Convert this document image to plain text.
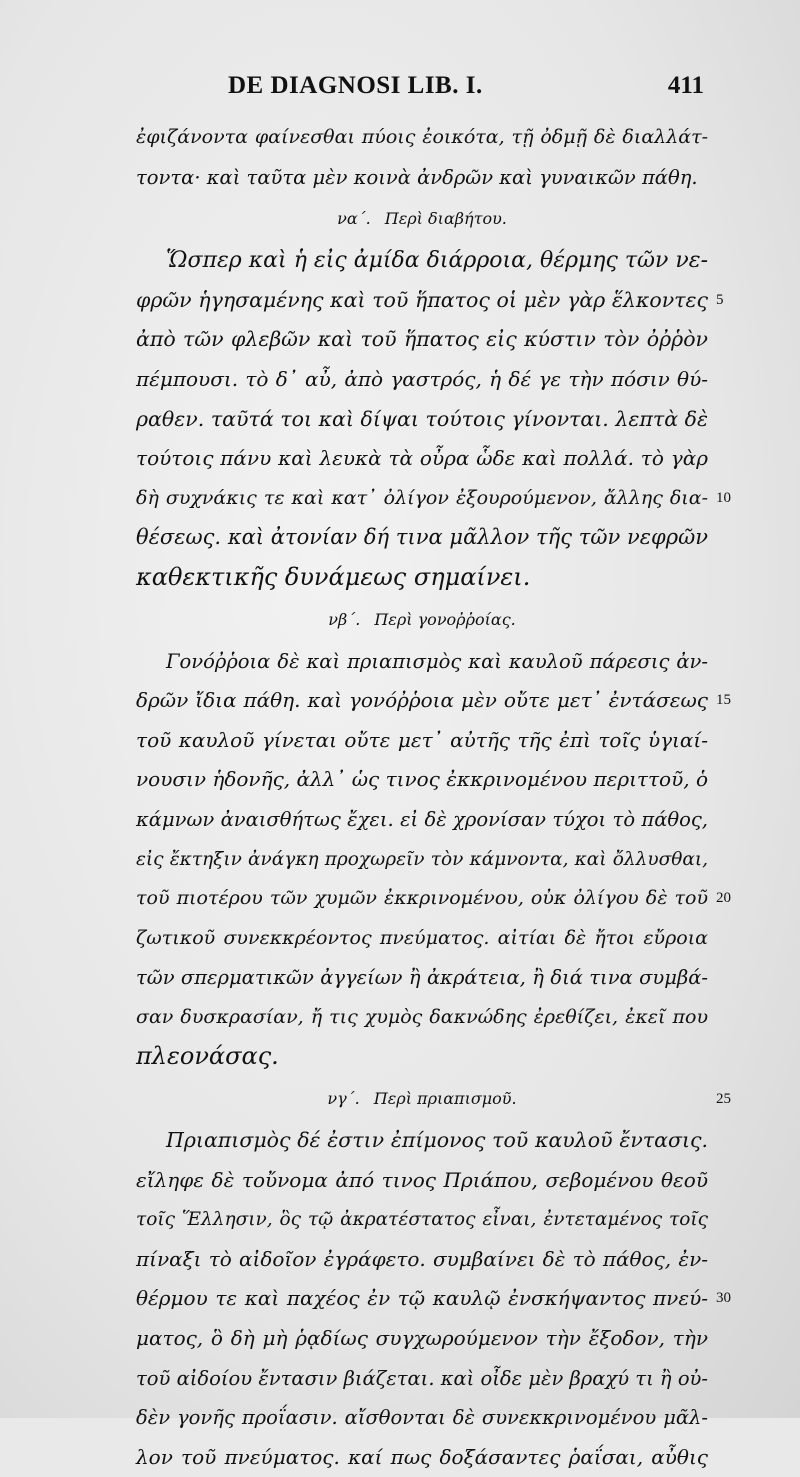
DE DIAGNOSI LIB. I.	411
ἐφιζάνοντα φαίνεσθαι πύοις ἐοικότα, τῇ ὀδμῇ δὲ διαλλάτ-
τοντα· καὶ ταῦτα μὲν κοινὰ ἀνδρῶν καὶ γυναικῶν πάθη.
να΄. Περὶ διαβήτου.
Ὥσπερ καὶ ἡ εἰς ἀμίδα διάρροια, θέρμης τῶν νε-
φρῶν ἡγησαμένης καὶ τοῦ ἥπατος οἱ μὲν γὰρ ἕλκοντες 5
ἀπὸ τῶν φλεβῶν καὶ τοῦ ἥπατος εἰς κύστιν τὸν ὀῤῥὸν
πέμπουσι. τὸ δ᾽ αὖ, ἀπὸ γαστρός, ἡ δέ γε τὴν πόσιν θύ-
ραθεν. ταῦτά τοι καὶ δίψαι τούτοις γίνονται. λεπτὰ δὲ
τούτοις πάνυ καὶ λευκὰ τὰ οὖρα ὧδε καὶ πολλά. τὸ γὰρ
δὴ συχνάκις τε καὶ κατ᾽ ὀλίγον ἐξουρούμενον, ἄλλης δια- 10
θέσεως. καὶ ἀτονίαν δή τινα μᾶλλον τῆς τῶν νεφρῶν
καθεκτικῆς δυνάμεως σημαίνει.
νβ΄. Περὶ γονοῤῥοίας.
Γονόῤῥοια δὲ καὶ πριαπισμὸς καὶ καυλοῦ πάρεσις ἀν-
δρῶν ἴδια πάθη. καὶ γονόῤῥοια μὲν οὔτε μετ᾽ ἐντάσεως 15
τοῦ καυλοῦ γίνεται οὔτε μετ᾽ αὐτῆς τῆς ἐπὶ τοῖς ὑγιαί-
νουσιν ἡδονῆς, ἀλλ᾽ ὡς τινος ἐκκρινομένου περιττοῦ, ὁ
κάμνων ἀναισθήτως ἔχει. εἰ δὲ χρονίσαν τύχοι τὸ πάθος,
εἰς ἔκτηξιν ἀνάγκη προχωρεῖν τὸν κάμνοντα, καὶ ὄλλυσθαι,
τοῦ πιοτέρου τῶν χυμῶν ἐκκρινομένου, οὐκ ὀλίγου δὲ τοῦ 20
ζωτικοῦ συνεκκρέοντος πνεύματος. αἰτίαι δὲ ἤτοι εὔροια
τῶν σπερματικῶν ἀγγείων ἢ ἀκράτεια, ἢ διά τινα συμβά-
σαν δυσκρασίαν, ἤ τις χυμὸς δακνώδης ἐρεθίζει, ἐκεῖ που
πλεονάσας.
νγ΄. Περὶ πριαπισμοῦ.	25
Πριαπισμὸς δέ ἐστιν ἐπίμονος τοῦ καυλοῦ ἔντασις.
εἴληφε δὲ τοὔνομα ἀπό τινος Πριάπου, σεβομένου θεοῦ
τοῖς Ἕλλησιν, ὃς τῷ ἀκρατέστατος εἶναι, ἐντεταμένος τοῖς
πίναξι τὸ αἰδοῖον ἐγράφετο. συμβαίνει δὲ τὸ πάθος, ἐν-
θέρμου τε καὶ παχέος ἐν τῷ καυλῷ ἐνσκήψαντος πνεύ- 30
ματος, ὃ δὴ μὴ ῥᾳδίως συγχωρούμενον τὴν ἔξοδον, τὴν
τοῦ αἰδοίου ἔντασιν βιάζεται. καὶ οἶδε μὲν βραχύ τι ἢ οὐ-
δὲν γονῆς προΐασιν. αἴσθονται δὲ συνεκκρινομένου μᾶλ-
λον τοῦ πνεύματος. καί πως δοξάσαντες ῥαΐσαι, αὖθις
